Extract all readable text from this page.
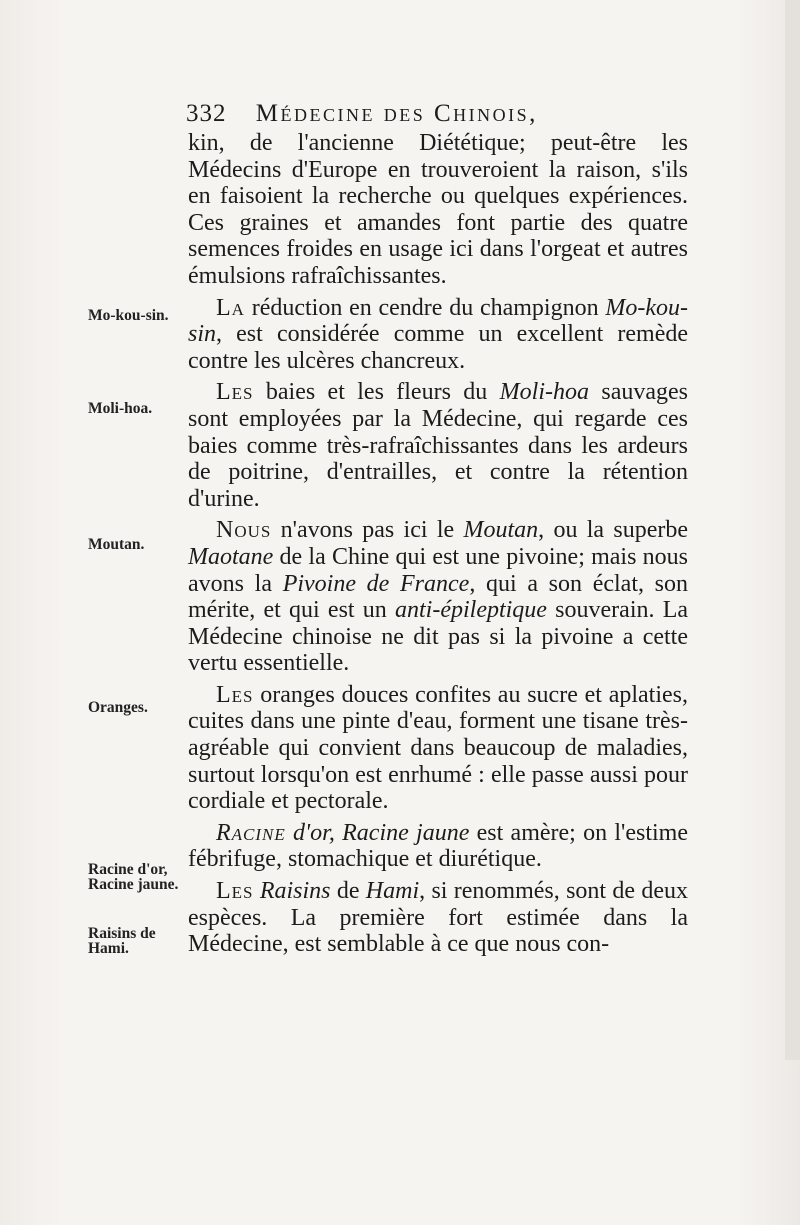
332 Médecine des Chinois,
Mo-kou-sin.
Moli-hoa.
Moutan.
Oranges.
Racine d'or, Racine jaune.
Raisins de Hami.

kin, de l'ancienne Diététique; peut-être les Médecins d'Europe en trouveroient la raison, s'ils en faisoient la recherche ou quelques expériences. Ces graines et amandes font partie des quatre semences froides en usage ici dans l'orgeat et autres émulsions rafraîchissantes.

La réduction en cendre du champignon Mo-kou-sin, est considérée comme un excellent remède contre les ulcères chancreux.

Les baies et les fleurs du Moli-hoa sauvages sont employées par la Médecine, qui regarde ces baies comme très-rafraîchissantes dans les ardeurs de poitrine, d'entrailles, et contre la rétention d'urine.

Nous n'avons pas ici le Moutan, ou la superbe Maotane de la Chine qui est une pivoine; mais nous avons la Pivoine de France, qui a son éclat, son mérite, et qui est un anti-épileptique souverain. La Médecine chinoise ne dit pas si la pivoine a cette vertu essentielle.

Les oranges douces confites au sucre et aplaties, cuites dans une pinte d'eau, forment une tisane très-agréable qui convient dans beaucoup de maladies, surtout lorsqu'on est enrhumé : elle passe aussi pour cordiale et pectorale.

Racine d'or, Racine jaune est amère; on l'estime fébrifuge, stomachique et diurétique.

Les Raisins de Hami, si renommés, sont de deux espèces. La première fort estimée dans la Médecine, est semblable à ce que nous con-
